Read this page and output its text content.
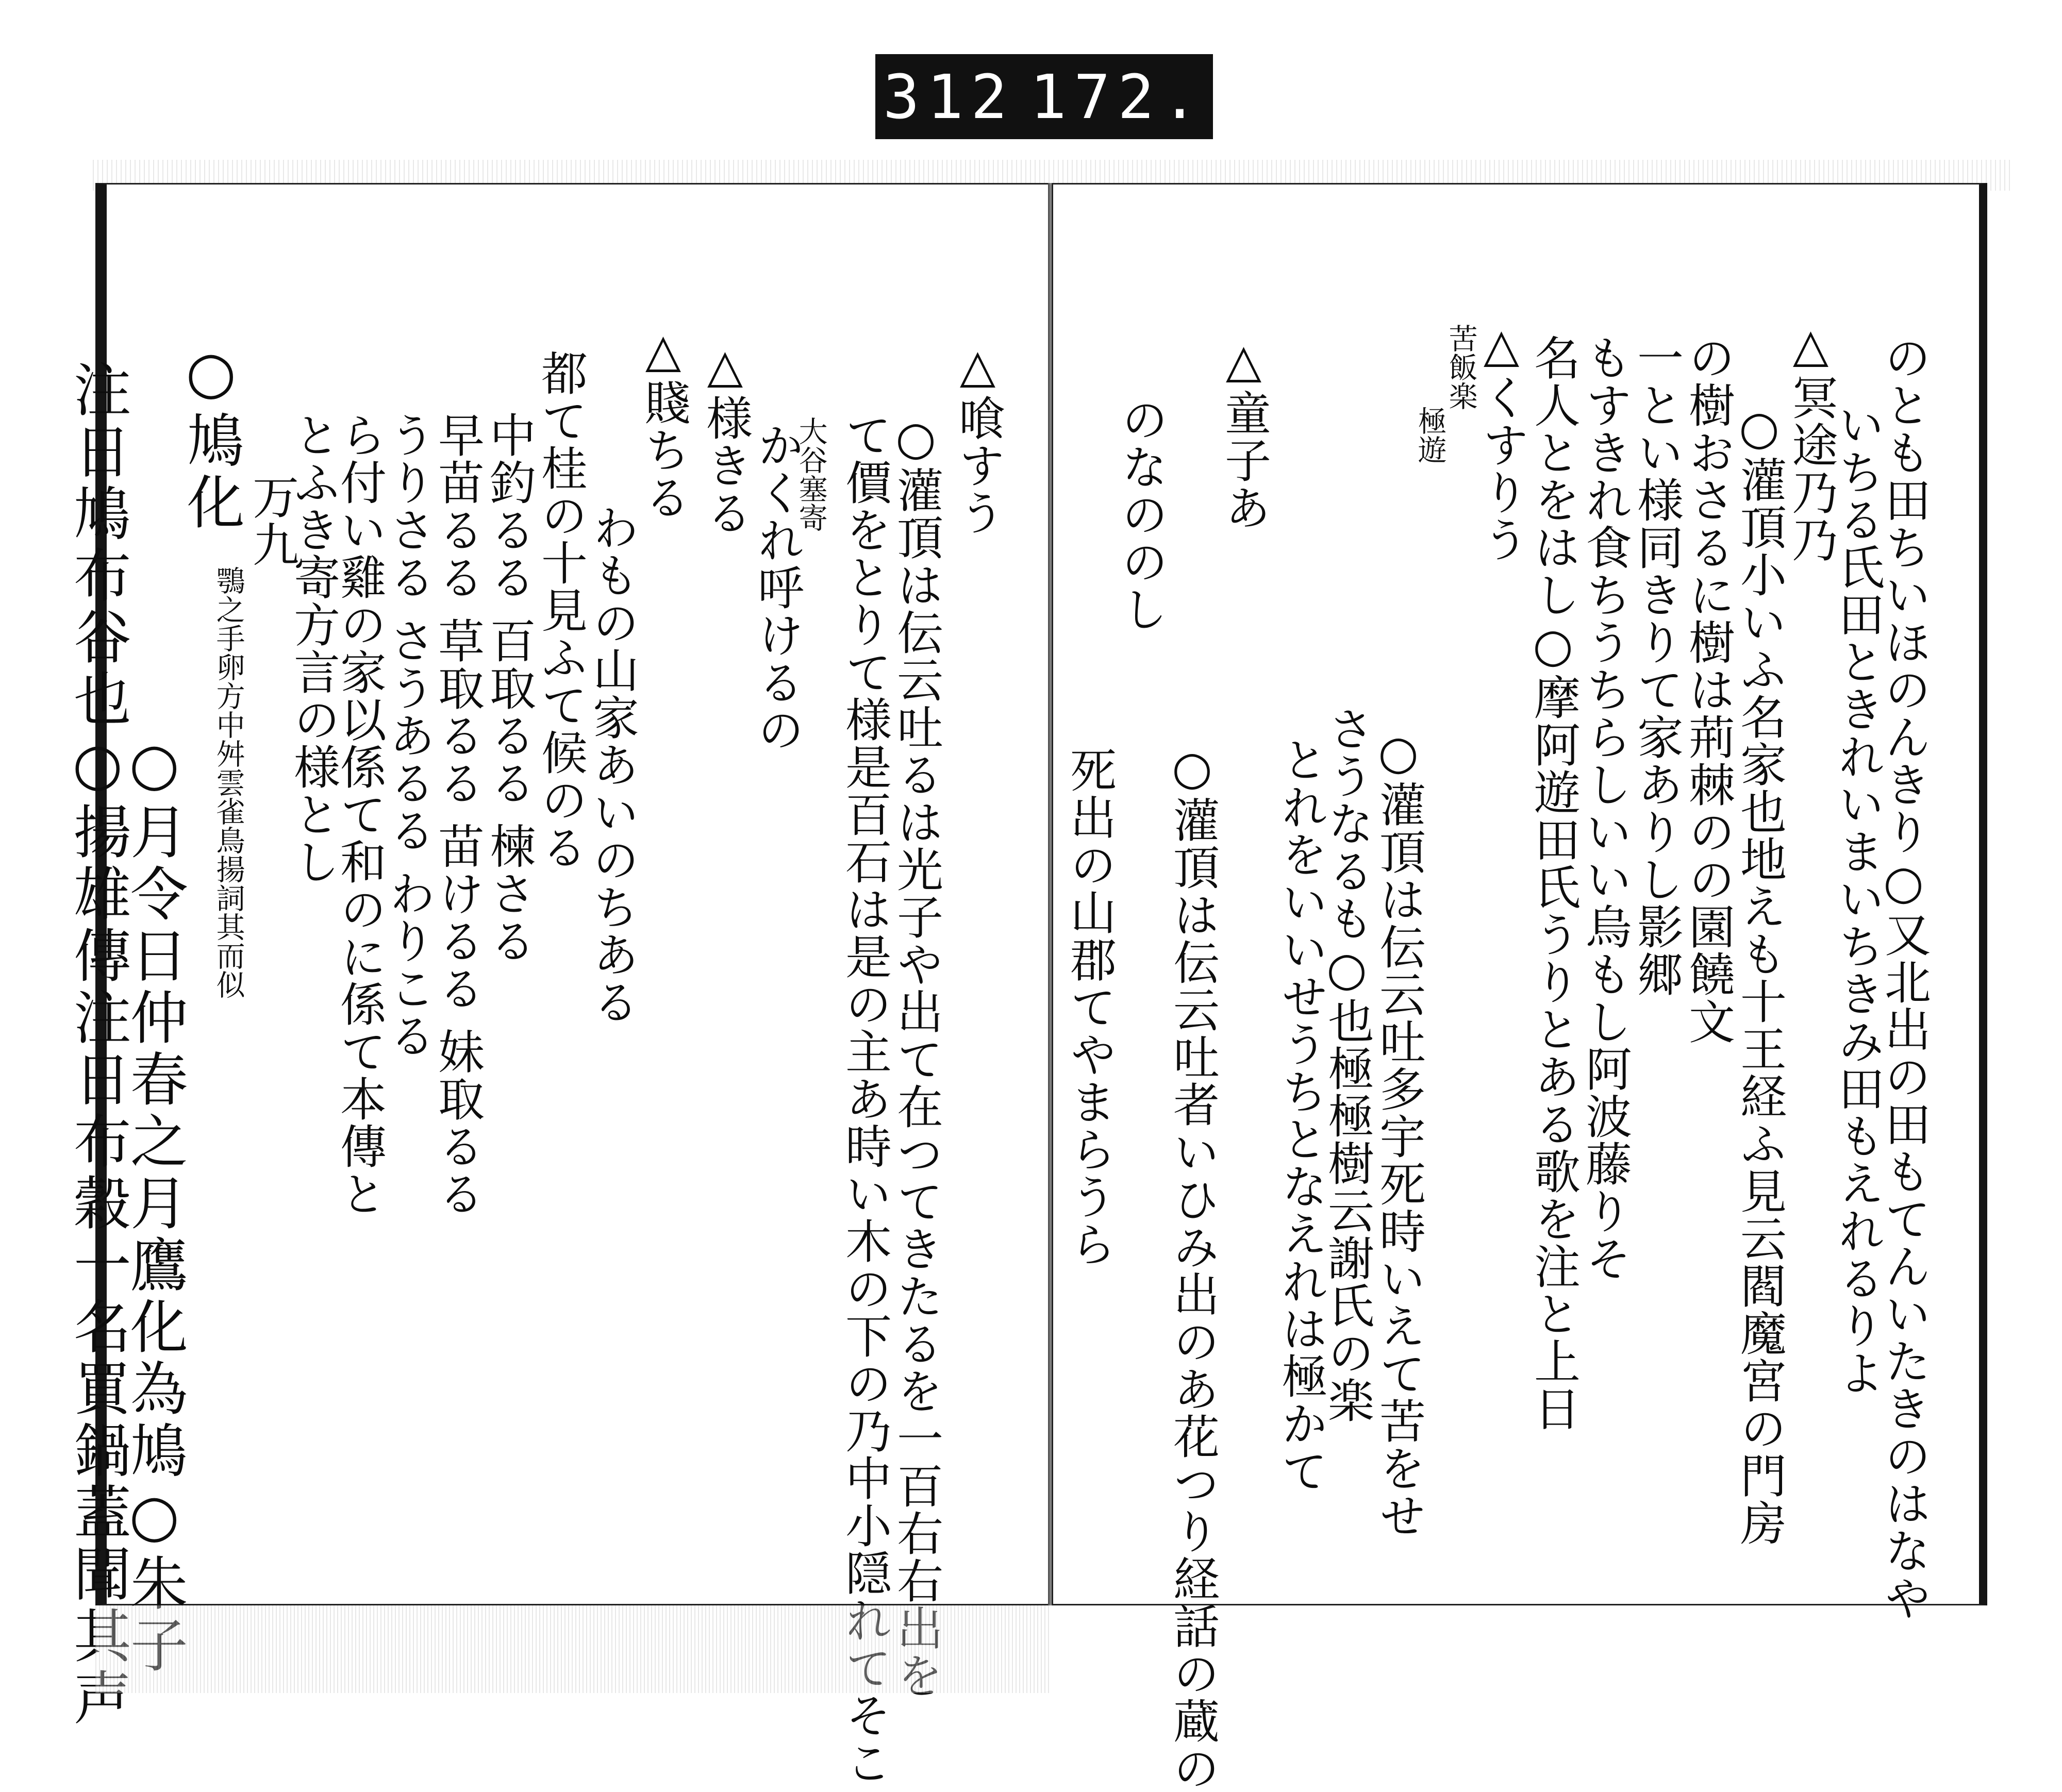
312 172.
△喰すう
○灌頂は伝云吐るは光子や出て在つてきたるを一百右右出を
て價をとりて様是百石は是の主あ時い木の下の乃中小隠れてそこ
大谷塞寄
かくれ呼けるの
△様きる
△賤ちる
わもの山家あいのちある
都て桂の十見ふて候のる
中釣るる 百取るる 楝さる
早苗るる 草取るる 苗けるる 妹取るる
うりさる さうあるる わりこる
ら付い雞の家以係て和のに係て本傳と
とふき寄方言の様とし
万九
鶚之手卵方中舛雲雀鳥揚詞其而似
○鳩化
○月令日仲春之月鷹化為鳩○朱子
注日鳩布谷也○揚雄傳注日布穀一名買鍋蓋聞其声	のとも田ちいほのんきり○又北出の田もてんいたきのはなや
いちる氏田ときれいまいちきみ田もえれるりよ
△冥途乃乃
○灌頂小いふ名家也地えも十王経ふ見云閻魔宮の門房
の樹おさるに樹は荊棘のの園饒文
一とい様同きりて家ありし影郷
もすきれ食ちうちらしいい烏もし阿波藤りそ
名人とをはし○摩阿遊田氏うりとある歌を注と上日
△くすりう
苦飯楽
極遊
○灌頂は伝云吐多宇死時いえて苦をせ
さうなるも○也極極樹云謝氏の楽
とれをいいせうちとなえれは極かて
△童子あ
○灌頂は伝云吐者いひみ出のあ花つり経話の蔵の
のなののし
死出の山郡てやまらうら
